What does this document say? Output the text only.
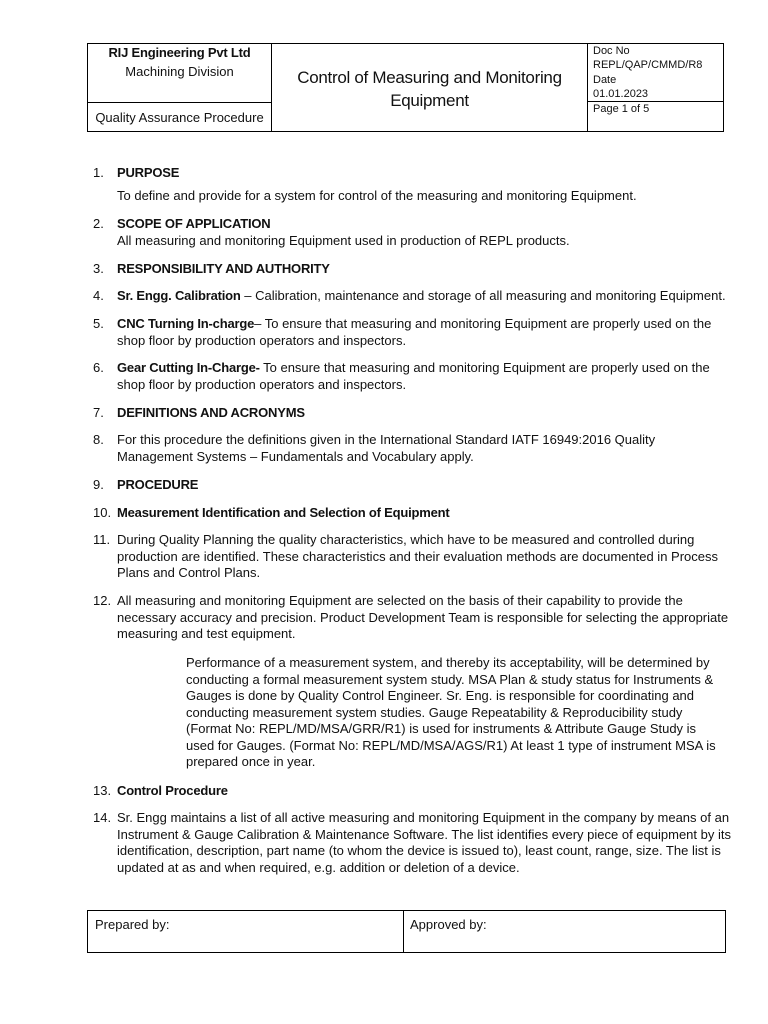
RIJ Engineering Pvt Ltd
Machining Division
Quality Assurance Procedure
Control of Measuring and Monitoring Equipment
Doc No
REPL/QAP/CMMD/R8
Date
01.01.2023
Page 1 of 5
1.	PURPOSE
To define and provide for a system for control of the measuring and monitoring Equipment.
2.	SCOPE OF APPLICATION
All measuring and monitoring Equipment used in production of REPL products.
3.	RESPONSIBILITY AND AUTHORITY
4.	Sr. Engg. Calibration – Calibration, maintenance and storage of all measuring and monitoring Equipment.
5.	CNC Turning In-charge– To ensure that measuring and monitoring Equipment are properly used on the shop floor by production operators and inspectors.
6.	Gear Cutting In-Charge- To ensure that measuring and monitoring Equipment are properly used on the shop floor by production operators and inspectors.
7.	DEFINITIONS AND ACRONYMS
8.	For this procedure the definitions given in the International Standard IATF 16949:2016 Quality Management Systems – Fundamentals and Vocabulary apply.
9.	PROCEDURE
10. Measurement Identification and Selection of Equipment
11. During Quality Planning the quality characteristics, which have to be measured and controlled during production are identified. These characteristics and their evaluation methods are documented in Process Plans and Control Plans.
12. All measuring and monitoring Equipment are selected on the basis of their capability to provide the necessary accuracy and precision. Product Development Team is responsible for selecting the appropriate measuring and test equipment.
Performance of a measurement system, and thereby its acceptability, will be determined by conducting a formal measurement system study. MSA Plan & study status for Instruments & Gauges is done by Quality Control Engineer. Sr. Eng. is responsible for coordinating and conducting measurement system studies. Gauge Repeatability & Reproducibility study (Format No: REPL/MD/MSA/GRR/R1) is used for instruments & Attribute Gauge Study is used for Gauges. (Format No: REPL/MD/MSA/AGS/R1) At least 1 type of instrument MSA is prepared once in year.
13. Control Procedure
14. Sr. Engg maintains a list of all active measuring and monitoring Equipment in the company by means of an Instrument & Gauge Calibration & Maintenance Software. The list identifies every piece of equipment by its identification, description, part name (to whom the device is issued to), least count, range, size. The list is updated at as and when required, e.g. addition or deletion of a device.
Prepared by:	Approved by:
